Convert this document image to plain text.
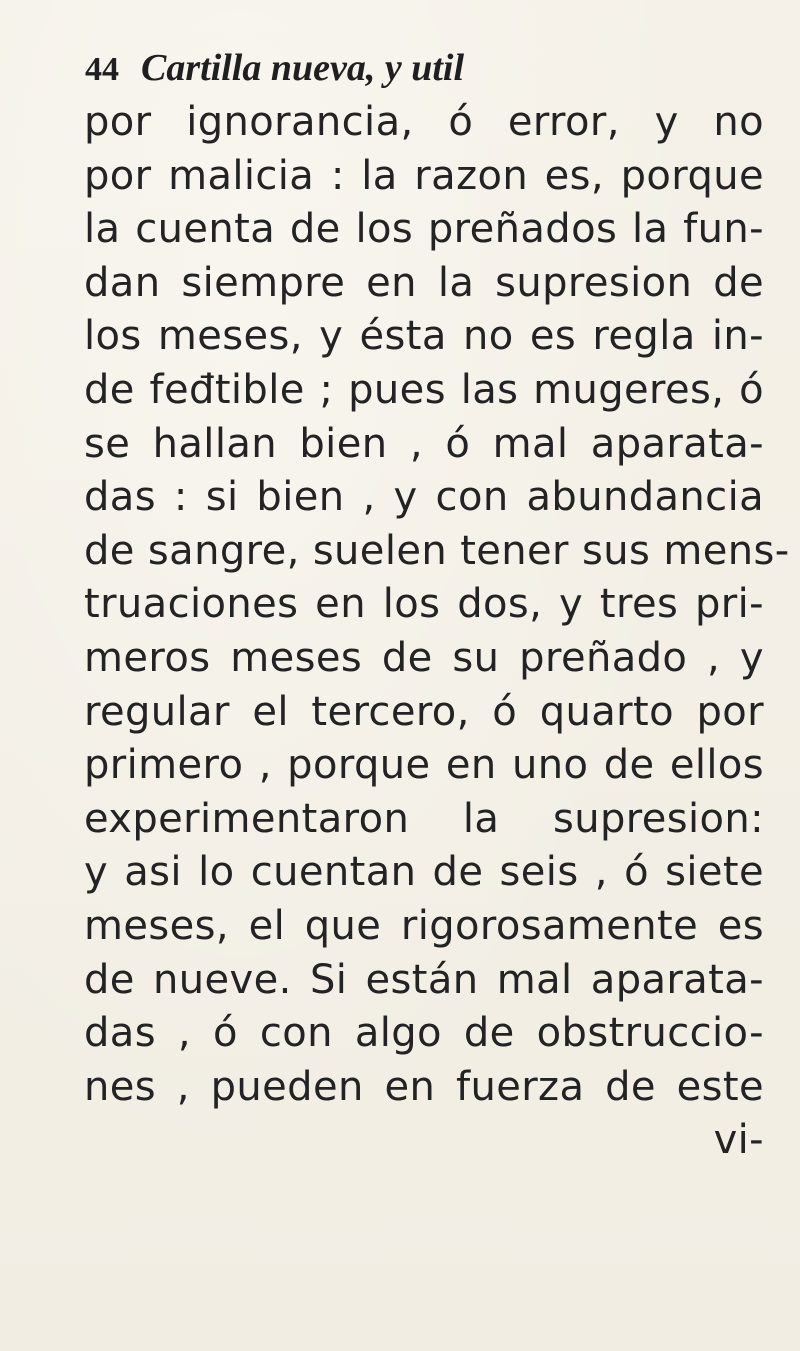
44 Cartilla nueva, y util
por ignorancia, ó error, y no
por malicia : la razon es, porque
la cuenta de los preñados la fun-
dan siempre en la supresion de
los meses, y ésta no es regla in-
de feđtible ; pues las mugeres, ó
se hallan bien , ó mal aparata-
das : si bien , y con abundancia
de sangre, suelen tener sus mens-
truaciones en los dos, y tres pri-
meros meses de su preñado , y
regular el tercero, ó quarto por
primero , porque en uno de ellos
experimentaron la supresion:
y asi lo cuentan de seis , ó siete
meses, el que rigorosamente es
de nueve. Si están mal aparata-
das , ó con algo de obstruccio-
nes , pueden en fuerza de este
vi-
